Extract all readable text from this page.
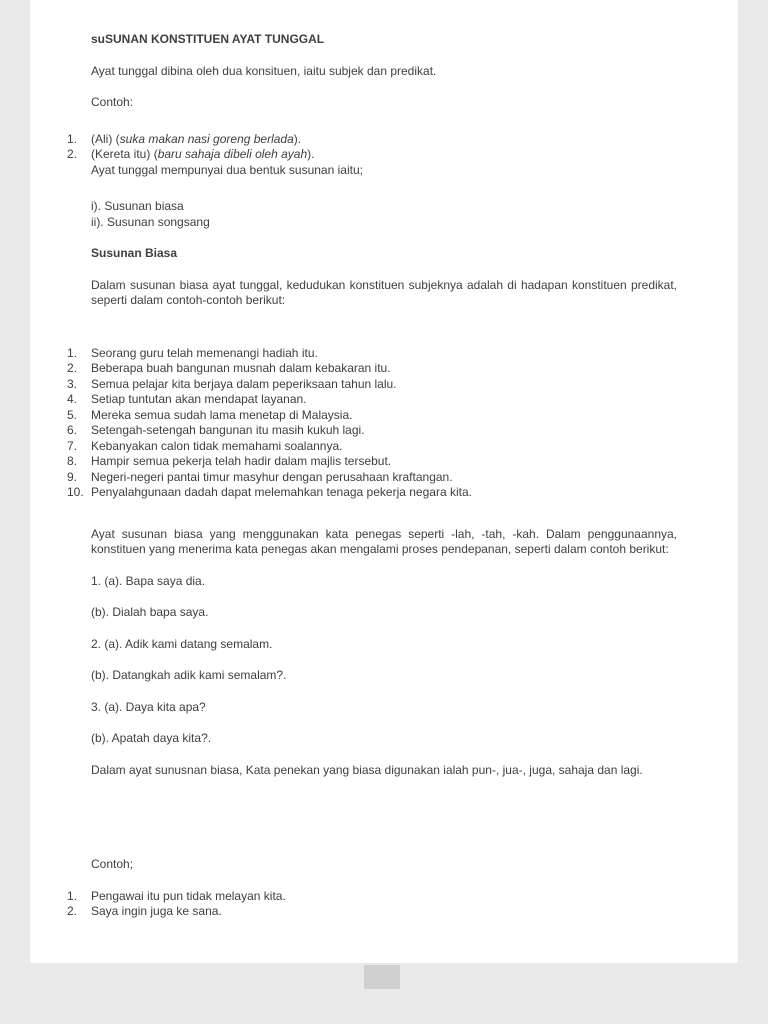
suSUNAN KONSTITUEN AYAT TUNGGAL

Ayat tunggal dibina oleh dua konsituen, iaitu subjek dan predikat.

Contoh:

1.	(Ali) (suka makan nasi goreng berlada).
2.	(Kereta itu) (baru sahaja dibeli oleh ayah).

Ayat tunggal mempunyai dua bentuk susunan iaitu;

i). Susunan biasa

ii). Susunan songsang

Susunan Biasa

Dalam susunan biasa ayat tunggal, kedudukan konstituen subjeknya adalah di hadapan konstituen predikat, seperti dalam contoh-contoh berikut:

1.	Seorang guru telah memenangi hadiah itu.
2.	Beberapa buah bangunan musnah dalam kebakaran itu.
3.	Semua pelajar kita berjaya dalam peperiksaan tahun lalu.
4.	Setiap tuntutan akan mendapat layanan.
5.	Mereka semua sudah lama menetap di Malaysia.
6.	Setengah-setengah bangunan itu masih kukuh lagi.
7.	Kebanyakan calon tidak memahami soalannya.
8.	Hampir semua pekerja telah hadir dalam majlis tersebut.
9.	Negeri-negeri pantai timur masyhur dengan perusahaan kraftangan.
10. Penyalahgunaan dadah dapat melemahkan tenaga pekerja negara kita.

Ayat susunan biasa yang menggunakan kata penegas seperti -lah, -tah, -kah. Dalam penggunaannya, konstituen yang menerima kata penegas akan mengalami proses pendepanan, seperti dalam contoh berikut:

1. (a). Bapa saya dia.

(b). Dialah bapa saya.

2. (a). Adik kami datang semalam.

(b). Datangkah adik kami semalam?.

3. (a). Daya kita apa?

(b). Apatah daya kita?.

Dalam ayat sunusnan biasa, Kata penekan yang biasa digunakan ialah pun-, jua-, juga, sahaja dan lagi.

Contoh;

1.	Pengawai itu pun tidak melayan kita.
2.	Saya ingin juga ke sana.
